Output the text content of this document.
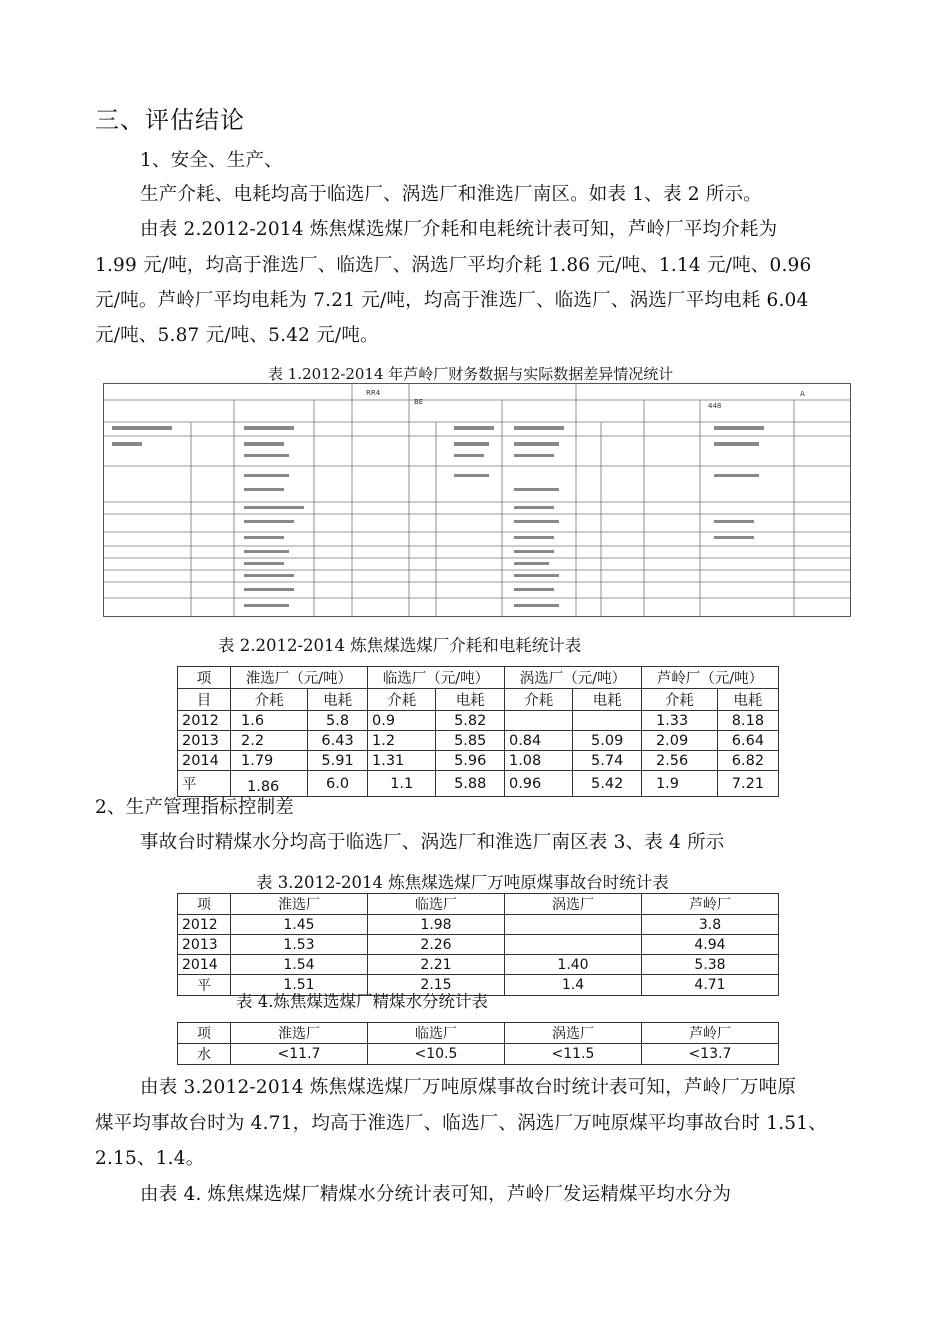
三、评估结论
1、安全、生产、
生产介耗、电耗均高于临选厂、涡选厂和淮选厂南区。如表 1、表 2 所示。
由表 2.2012-2014 炼焦煤选煤厂介耗和电耗统计表可知，芦岭厂平均介耗为
1.99 元/吨，均高于淮选厂、临选厂、涡选厂平均介耗 1.86 元/吨、1.14 元/吨、0.96
元/吨。芦岭厂平均电耗为 7.21 元/吨，均高于淮选厂、临选厂、涡选厂平均电耗 6.04
元/吨、5.87 元/吨、5.42 元/吨。
表 1.2012-2014 年芦岭厂财务数据与实际数据差异情况统计
RR4
BE	448
A
表 2.2012-2014 炼焦煤选煤厂介耗和电耗统计表
项	淮选厂（元/吨）		临选厂（元/吨）		涡选厂（元/吨）		芦岭厂（元/吨）	
目	介耗	电耗	介耗	电耗	介耗	电耗	介耗	电耗
2012	1.6	5.8	0.9	5.82			1.33	8.18
2013	2.2	6.43	1.2	5.85	0.84	5.09	2.09	6.64
2014	1.79	5.91	1.31	5.96	1.08	5.74	2.56	6.82
平	1.86	6.0	1.1	5.88	0.96	5.42	1.9	7.21
2、生产管理指标控制差
事故台时精煤水分均高于临选厂、涡选厂和淮选厂南区表 3、表 4 所示
表 3.2012-2014 炼焦煤选煤厂万吨原煤事故台时统计表
项	淮选厂	临选厂	涡选厂	芦岭厂
2012	1.45	1.98		3.8
2013	1.53	2.26		4.94
2014	1.54	2.21	1.40	5.38
平	1.51	2.15	1.4	4.71
表 4.炼焦煤选煤厂精煤水分统计表
项	淮选厂	临选厂	涡选厂	芦岭厂
水	<11.7	<10.5	<11.5	<13.7
由表 3.2012-2014 炼焦煤选煤厂万吨原煤事故台时统计表可知，芦岭厂万吨原
煤平均事故台时为 4.71，均高于淮选厂、临选厂、涡选厂万吨原煤平均事故台时 1.51、
2.15、1.4。
由表 4. 炼焦煤选煤厂精煤水分统计表可知，芦岭厂发运精煤平均水分为
